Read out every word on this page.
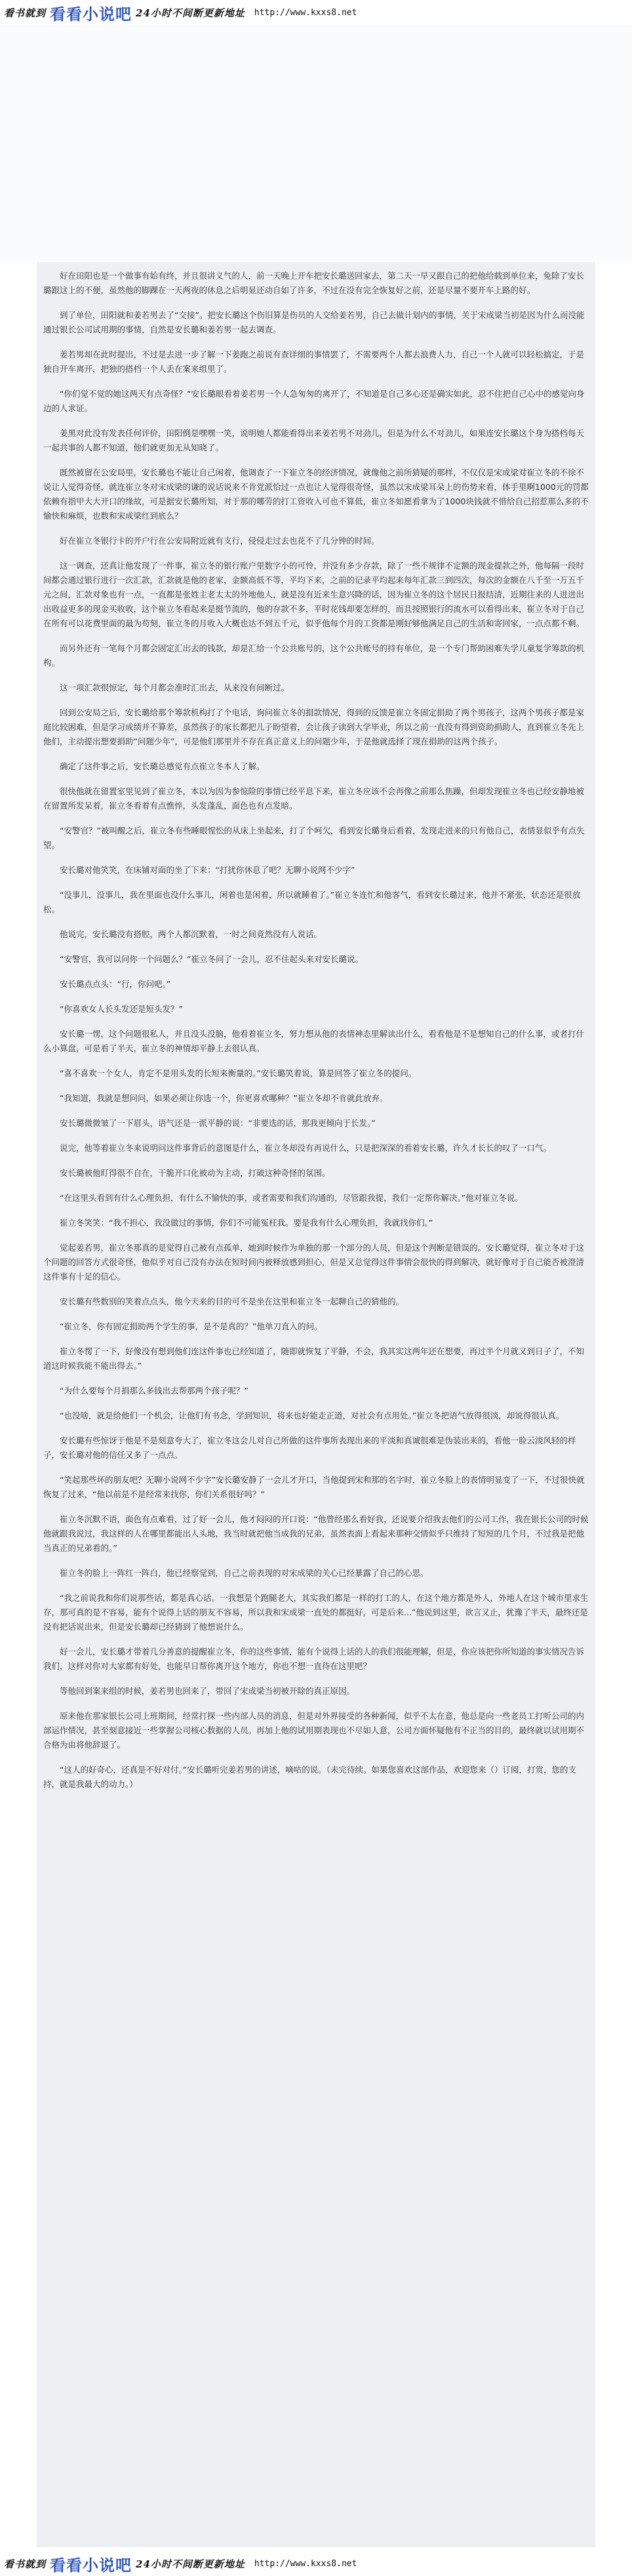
看书就到 看看小说吧 24小时不间断更新地址 http://www.kxxs8.net

好在田阳也是一个做事有始有终，并且很讲义气的人，前一天晚上开车把安长璐送回家去，第二天一早又跟自己的把他给载到单位来，免除了安长璐跟这上的不便，虽然他的脚踝在一天两夜的休息之后明显还动自如了许多，不过在没有完全恢复好之前，还是尽量不要开车上路的好。

到了单位，田阳就和姜若男去了“交接”。把安长璐这个伤旧算是伤员的人交给姜若男，自己去做计划内的事情，关于宋成梁当初是因为什么而没能通过银长公司试用期的事情，自然是安长璐和姜若男一起去调查。

姜若男却在此时提出，不过是去进一步了解一下姜跑之前说有查详细的事情罢了，不需要两个人都去浪费人力，自己一个人就可以轻松搞定，于是独自开车离开，把独的搭档一个人丢在案来组里了。

“你们觉不觉的她这两天有点奇怪？”安长璐眼看着姜若男一个人急匆匆的离开了，不知道是自己多心还是确实如此，忍不住把自己心中的感觉向身边的人求证。

姜黑对此没有发表任何评价，田阳倒是嘿嘿一笑，说明她人都能看得出来姜若男不对劲儿，但是为什么不对劲儿，如果连安长璐这个身为搭档每天一起共事的人都不知道，他们就更加无从知晓了。

既然被留在公安局里，安长璐也不能让自己闲着，他调查了一下崔立冬的经济情况，就像他之前所猜疑的那样，不仅仅是宋成梁对崔立冬的不徐不说让人觉得奇怪，就连崔立冬对宋成梁的谦的说话说来不肯党派恰过一点也让人觉得很奇怪，虽然以宋成梁耳朵上的伤势来看，体手里啊1000元的罚都依赖有指甲大大开口的缘故，可是据安长璐所知，对于那的哪劳的打工资收入可也不算低，崔立冬如愿看拿为了1000块钱就不惜给自己招惹那么多的不愉快和麻烦，也数和宋成梁红到底么？

好在崔立冬银行卡的开户行在公安局附近就有支行，侵侵走过去也花不了几分钟的时间。

这一调查，还真让他发现了一件事，崔立冬的银行账户里数字小的可怜，并没有多少存款，除了一些不规律不定额的现金提款之外，他每隔一段时间都会通过银行进行一次汇款，汇款就是他的老家，金额高低不等，平均下来，之前的记录平均起来每年汇款三到四次，每次的金额在八千至一万五千元之间，汇款对象也有一点，一直都是张姓主老太太的外地他人，就是没有近来生意兴降的话，因为崔立冬的这个居民日报结清，近期往来的人进进出出收益更多的现金买收收，这个崔立冬看起来是挺节流的，他的存款不多，平时花钱却要怎样的，而且按照银行的流水可以看得出来，崔立冬对于自己在所有可以花费里面的最为苟刻，崔立冬的月收入大概也达不到五千元，似乎他每个月的工资都是刚好够他满足自己的生活和寄回家，一点点都不剩。

而另外还有一笔每个月都会固定汇出去的钱款，却是汇给一个公共账号的，这个公共账号的持有单位，是一个专门帮助困难失学儿童复学筹款的机构。

这一项汇款很惊定，每个月都会准时汇出去，从来没有间断过。

回到公安局之后，安长璐给那个筹款机构打了个电话，询问崔立冬的捐款情况，得到的反馈是崔立冬固定捐助了两个男孩子，这两个男孩子都是家庭比较困难，但是学习成绩并不算差，虽然孩子的家长都把儿子盼望着，会让孩子读到大学毕业，所以之前一直没有得到资助捐助人，直到崔立冬先上他们，主动提出想要捐助“问题少年”，可是他们那里并不存在真正意义上的问题少年，于是他就选择了现在捐助的这两个孩子。

确定了这件事之后，安长璐总感觉有点崔立冬本人了解。

很快他就在留置室里见到了崔立冬，本以为因为参惊险的事情已经平息下来，崔立冬应该不会再像之前那么焦躁，但却发现崔立冬也已经安静地被在留置所发呆着，崔立冬看着有点憔悴，头发蓬乱，面色也有点发暗。

“安警官？”被叫醒之后，崔立冬有些睡眼惺忪的从床上坐起来，打了个呵欠，看到安长璐身后看着，发现走进来的只有他自己，表情显似乎有点失望。

安长璐对他笑笑，在床铺对面的坐了下来：“打扰你休息了吧？无聊小说网不少字”

“没事儿，没事儿，我在里面也没什么事儿，闲着也是闲着，所以就睡着了。”崔立冬连忙和他客气，看到安长璐过来，他并不紧张，状态还是很放松。

他说完，安长璐没有搭腔，两个人都沉默着，一时之间竟然没有人说话。

“安警官，我可以问你一个问题么？”崔立冬问了一会儿，忍不住起头来对安长璐说。

安长璐点点头：“行，你问吧。”

“你喜欢女人长头发还是短头发？”

安长璐一愣，这个问题很私人，并且没头没脑，他看着崔立冬，努力想从他的表情神态里解读出什么，看看他是不是想知自己的什么事，或者打什么小算盘，可是看了半天，崔立冬的神情却平静上去很认真。

“喜不喜欢一个女人，肯定不是用头发的长短来衡量的。”安长璐笑着说，算是回答了崔立冬的提问。

“我知道，我就是想问问，如果必须让你选一个，你更喜欢哪种？”崔立冬却不肯就此放弃。

安长璐微微皱了一下眉头，语气还是一派平静的说：“非要选的话，那我更倾向于长发。”

说完，他等着崔立冬来说明问这件事背后的意图是什么，崔立冬却没有再说什么，只是把深深的看着安长璐，许久才长长的叹了一口气。

安长璐被他盯得很不自在，干脆开口化被动为主动，打破这种奇怪的氛围。

“在这里头看到有什么心理负担，有什么不愉快的事，或者需要和我们沟通的，尽管跟我提，我们一定帮你解决。”他对崔立冬说。

崔立冬笑笑：“我不担心，我没做过的事情，你们不可能冤枉我。要是我有什么心理负担，我就找你们。”

觉起姜若男，崔立冬那真的是觉得自己被有点孤单，她到时候作为单独的那一个部分的人员，但是这个判断是错误的。安长璐觉得，崔立冬对于这个问题的回答方式很奇怪，他似乎对自己没有办法在短时间内被释放感到担心，但是又总觉得这件事情会很快的得到解决，就好像对于自己能否被澄清这件事有十足的信心。

安长璐有些数别的笑着点点头，他今天来的目的可不是坐在这里和崔立冬一起聊自己的猜他的。

“崔立冬，你有固定捐助两个学生的事，是不是真的？”他单刀直入的问。

崔立冬愣了一下，好像没有想到他们连这件事也已经知道了，随即就恢复了平静，不会，我其实这两年还在想要，再过半个月就又到日子了，不知道这时候我能不能出得去。”

“为什么要每个月捐那么多钱出去帮那两个孩子呢？”

“也没啥，就是给他们一个机会，让他们有书念，学到知识，将来也好能走正道，对社会有点用处。”崔立冬把语气放得很淡，却说得很认真。

安长璐有些惊讶于他是不是刻意夸大了，崔立冬这会儿对自己所做的这件事所表现出来的平淡和真诚很难是伪装出来的，看他一脸云淡风轻的样子，安长璐对他的信任又多了一点点。

“笑起那些坏的朋友吧？无聊小说网不少字”安长璐安静了一会儿才开口，当他提到宋和那的名字时，崔立冬脸上的表情明显变了一下，不过很快就恢复了过来，“他以前是不是经常来找你，你们关系很好吗？”

崔立冬沉默不语，面色有点难看，过了好一会儿，他才闷闷的开口说：“他曾经那么看好我，还说要介绍我去他们的公司工作，我在银长公司的时候他就跟我说过，我这样的人在哪里都能出人头地，我当时就把他当成我的兄弟，虽然表面上看起来那种交情似乎只维持了短短的几个月，不过我是把他当真正的兄弟看的。”

崔立冬的脸上一阵红一阵白，他已经察觉到，自己之前表现的对宋成梁的关心已经暴露了自己的心思。

“我之前说我和你们说那些话，都是真心话。一我想是个跑腿老大，其实我们都是一样的打工的人，在这个地方都是外人，外地人在这个城市里求生存，那可真的是不容易，能有个说得上话的朋友不容易，所以我和宋成梁一直处的都挺好，可是后来...”他说到这里，欲言又止，犹豫了半天，最终还是没有把话说出来，但是安长璐却已经猜到了他想说什么。

好一会儿，安长璐才带着几分善意的提醒崔立冬，你的这些事情，能有个说得上话的人的我们很能理解，但是，你应该把你所知道的事实情况告诉我们，这样对你对大家都有好处，也能早日帮你离开这个地方，你也不想一直待在这里吧？

等他回到案来组的时候，姜若男也回来了，带回了宋成梁当初被开除的真正原因。

原来他在那家银长公司上班期间，经常打探一些内部人员的消息，但是对外界接受的各种新闻，似乎不太在意，他总是向一些老员工打听公司的内部运作情况，甚至刻意接近一些掌握公司核心数据的人员。再加上他的试用期表现也不尽如人意，公司方面怀疑他有不正当的目的，最终就以试用期不合格为由将他辞退了。

“这人的好奇心，还真是不好对付。”安长璐听完姜若男的讲述，嘀咕的说。（未完待续。如果您喜欢这部作品，欢迎您来（）订阅，打赏，您的支持，就是我最大的动力。）

看书就到 看看小说吧 24小时不间断更新地址 http://www.kxxs8.net
